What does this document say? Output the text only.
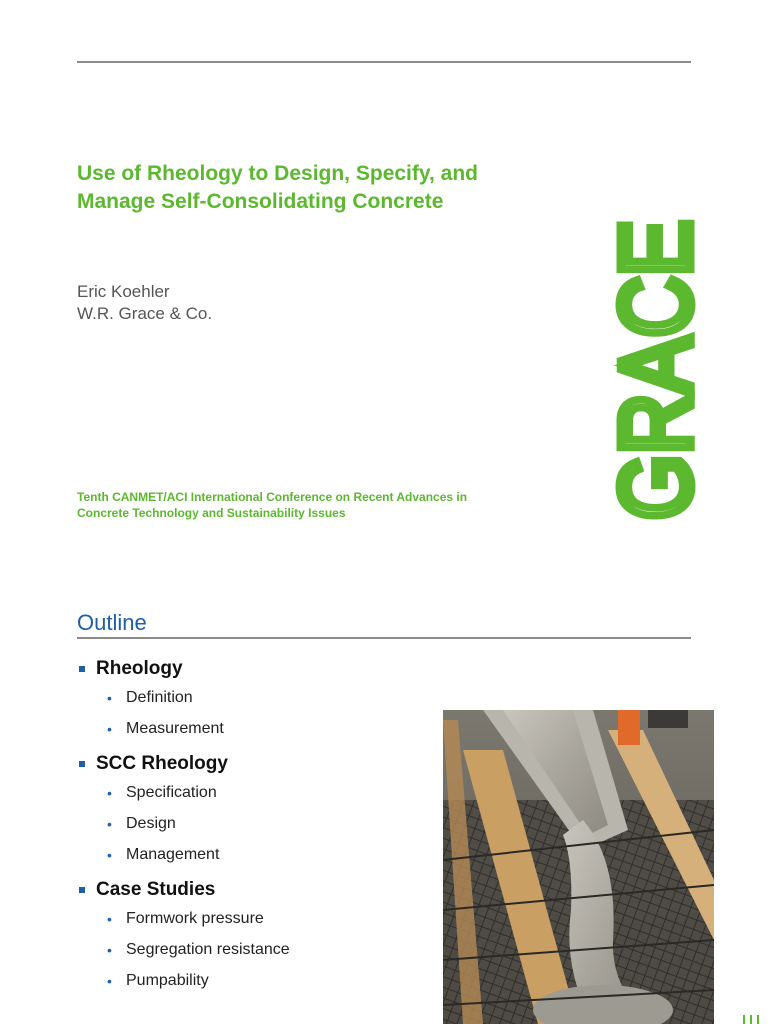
Use of Rheology to Design, Specify, and
Manage Self-Consolidating Concrete
Eric Koehler
W.R. Grace & Co.
Tenth CANMET/ACI International Conference on Recent Advances in
Concrete Technology and Sustainability Issues	GRACE
Outline
Rheology
• Definition
• Measurement
SCC Rheology
• Specification
• Design
• Management
Case Studies
• Formwork pressure
• Segregation resistance
• Pumpability
